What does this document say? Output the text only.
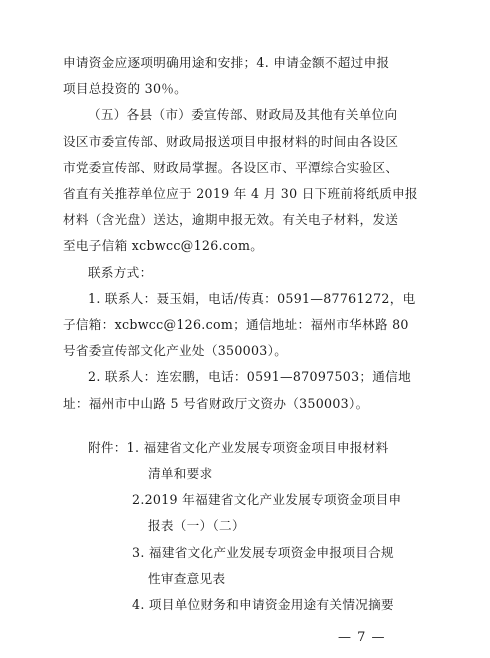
申请资金应逐项明确用途和安排；4. 申请金额不超过申报
项目总投资的 30％。
（五）各县（市）委宣传部、财政局及其他有关单位向
设区市委宣传部、财政局报送项目申报材料的时间由各设区
市党委宣传部、财政局掌握。各设区市、平潭综合实验区、
省直有关推荐单位应于 2019 年 4 月 30 日下班前将纸质申报
材料（含光盘）送达，逾期申报无效。有关电子材料，发送
至电子信箱 xcbwcc@126.com。
联系方式：
1. 联系人：聂玉娟，电话/传真：0591—87761272，电
子信箱：xcbwcc@126.com；通信地址：福州市华林路 80
号省委宣传部文化产业处（350003）。
2. 联系人：连宏鹏，电话：0591—87097503；通信地
址：福州市中山路 5 号省财政厅文资办（350003）。
附件：1. 福建省文化产业发展专项资金项目申报材料
清单和要求
2.2019 年福建省文化产业发展专项资金项目申
报表（一）（二）
3. 福建省文化产业发展专项资金申报项目合规
性审查意见表
4. 项目单位财务和申请资金用途有关情况摘要
— 7 —
